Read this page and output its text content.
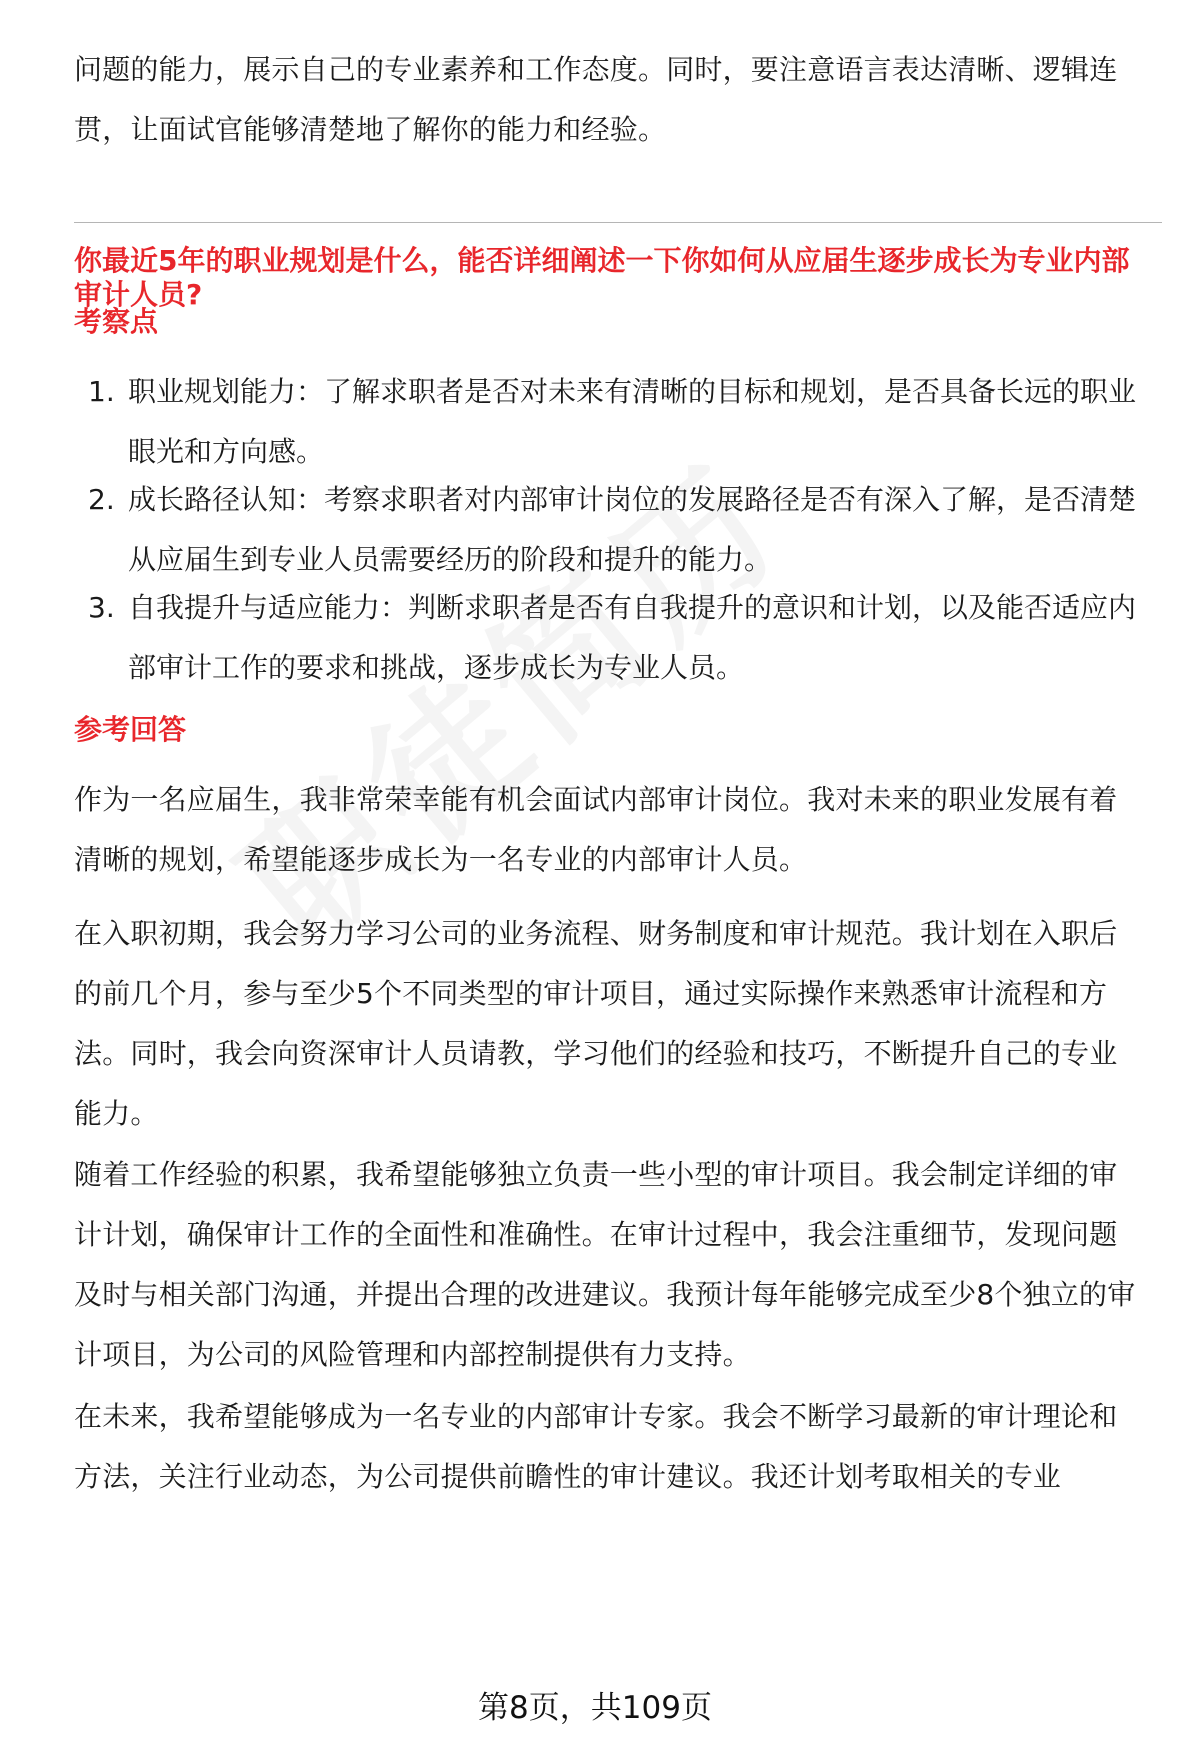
问题的能力，展示自己的专业素养和工作态度。同时，要注意语言表达清晰、逻辑连贯，让面试官能够清楚地了解你的能力和经验。

你最近5年的职业规划是什么，能否详细阐述一下你如何从应届生逐步成长为专业内部审计人员?

考察点

1. 职业规划能力：了解求职者是否对未来有清晰的目标和规划，是否具备长远的职业眼光和方向感。

2. 成长路径认知：考察求职者对内部审计岗位的发展路径是否有深入了解，是否清楚从应届生到专业人员需要经历的阶段和提升的能力。

3. 自我提升与适应能力：判断求职者是否有自我提升的意识和计划，以及能否适应内部审计工作的要求和挑战，逐步成长为专业人员。

参考回答

作为一名应届生，我非常荣幸能有机会面试内部审计岗位。我对未来的职业发展有着清晰的规划，希望能逐步成长为一名专业的内部审计人员。

在入职初期，我会努力学习公司的业务流程、财务制度和审计规范。我计划在入职后的前几个月，参与至少5个不同类型的审计项目，通过实际操作来熟悉审计流程和方法。同时，我会向资深审计人员请教，学习他们的经验和技巧，不断提升自己的专业能力。

随着工作经验的积累，我希望能够独立负责一些小型的审计项目。我会制定详细的审计计划，确保审计工作的全面性和准确性。在审计过程中，我会注重细节，发现问题及时与相关部门沟通，并提出合理的改进建议。我预计每年能够完成至少8个独立的审计项目，为公司的风险管理和内部控制提供有力支持。

在未来，我希望能够成为一名专业的内部审计专家。我会不断学习最新的审计理论和方法，关注行业动态，为公司提供前瞻性的审计建议。我还计划考取相关的专业

第8页，共109页
